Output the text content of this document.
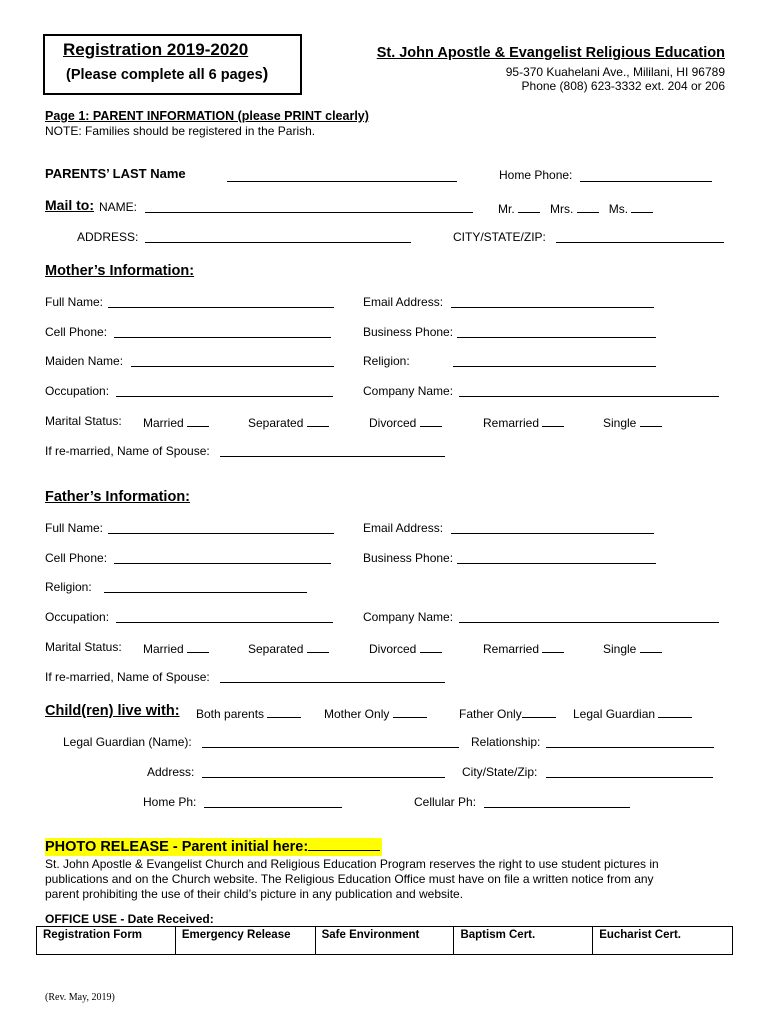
Registration 2019-2020
(Please complete all 6 pages)
St. John Apostle & Evangelist Religious Education
95-370 Kuahelani Ave., Mililani, HI 96789
Phone (808) 623-3332 ext. 204 or 206
Page 1: PARENT INFORMATION (please PRINT clearly)
NOTE: Families should be registered in the Parish.
PARENTS’ LAST Name	Home Phone:
Mail to: NAME:	Mr.	Mrs.	Ms.
ADDRESS:	CITY/STATE/ZIP:
Mother’s Information:
Full Name:	Email Address:
Cell Phone:	Business Phone:
Maiden Name:	Religion:
Occupation:	Company Name:
Marital Status: Married	Separated	Divorced	Remarried	Single
If re-married, Name of Spouse:
Father’s Information:
Full Name:	Email Address:
Cell Phone:	Business Phone:
Religion:
Occupation:	Company Name:
Marital Status: Married	Separated	Divorced	Remarried	Single
If re-married, Name of Spouse:
Child(ren) live with: Both parents	Mother Only	Father Only	Legal Guardian
Legal Guardian (Name):	Relationship:
Address:	City/State/Zip:
Home Ph:	Cellular Ph:
PHOTO RELEASE - Parent initial here:
St. John Apostle & Evangelist Church and Religious Education Program reserves the right to use student pictures in
publications and on the Church website. The Religious Education Office must have on file a written notice from any
parent prohibiting the use of their child’s picture in any publication and website.
OFFICE USE - Date Received:
Registration Form	Emergency Release	Safe Environment	Baptism Cert.	Eucharist Cert.
(Rev. May, 2019)
